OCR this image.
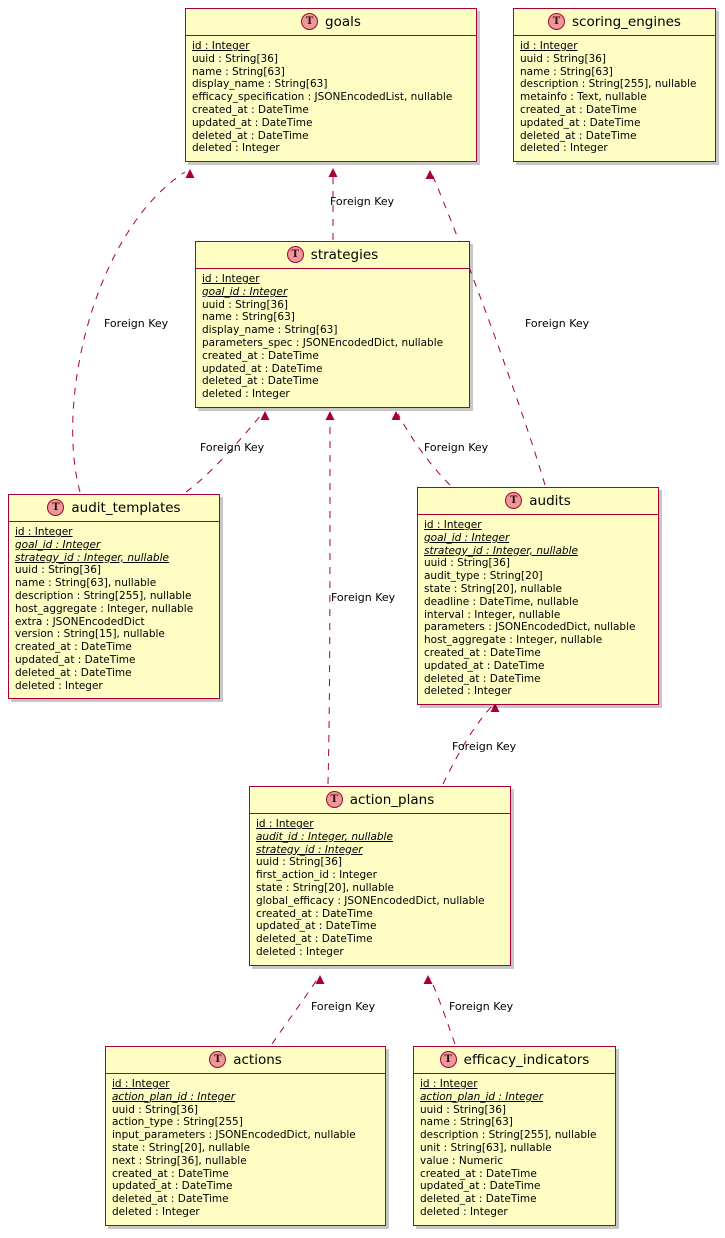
Foreign Key
Foreign Key	Foreign Key
Foreign Key	Foreign Key
Foreign Key
Foreign Key
Foreign Key	Foreign Key
T goals
id : Integer
uuid : String[36]
name : String[63]
display_name : String[63]
efficacy_specification : JSONEncodedList, nullable
created_at : DateTime
updated_at : DateTime
deleted_at : DateTime
deleted : Integer
T scoring_engines
id : Integer
uuid : String[36]
name : String[63]
description : String[255], nullable
metainfo : Text, nullable
created_at : DateTime
updated_at : DateTime
deleted_at : DateTime
deleted : Integer
T strategies
id : Integer
goal_id : Integer
uuid : String[36]
name : String[63]
display_name : String[63]
parameters_spec : JSONEncodedDict, nullable
created_at : DateTime
updated_at : DateTime
deleted_at : DateTime
deleted : Integer
T audit_templates
id : Integer
goal_id : Integer
strategy_id : Integer, nullable
uuid : String[36]
name : String[63], nullable
description : String[255], nullable
host_aggregate : Integer, nullable
extra : JSONEncodedDict
version : String[15], nullable
created_at : DateTime
updated_at : DateTime
deleted_at : DateTime
deleted : Integer
T audits
id : Integer
goal_id : Integer
strategy_id : Integer, nullable
uuid : String[36]
audit_type : String[20]
state : String[20], nullable
deadline : DateTime, nullable
interval : Integer, nullable
parameters : JSONEncodedDict, nullable
host_aggregate : Integer, nullable
created_at : DateTime
updated_at : DateTime
deleted_at : DateTime
deleted : Integer
T action_plans
id : Integer
audit_id : Integer, nullable
strategy_id : Integer
uuid : String[36]
first_action_id : Integer
state : String[20], nullable
global_efficacy : JSONEncodedDict, nullable
created_at : DateTime
updated_at : DateTime
deleted_at : DateTime
deleted : Integer
T actions
id : Integer
action_plan_id : Integer
uuid : String[36]
action_type : String[255]
input_parameters : JSONEncodedDict, nullable
state : String[20], nullable
next : String[36], nullable
created_at : DateTime
updated_at : DateTime
deleted_at : DateTime
deleted : Integer
T efficacy_indicators
id : Integer
action_plan_id : Integer
uuid : String[36]
name : String[63]
description : String[255], nullable
unit : String[63], nullable
value : Numeric
created_at : DateTime
updated_at : DateTime
deleted_at : DateTime
deleted : Integer
